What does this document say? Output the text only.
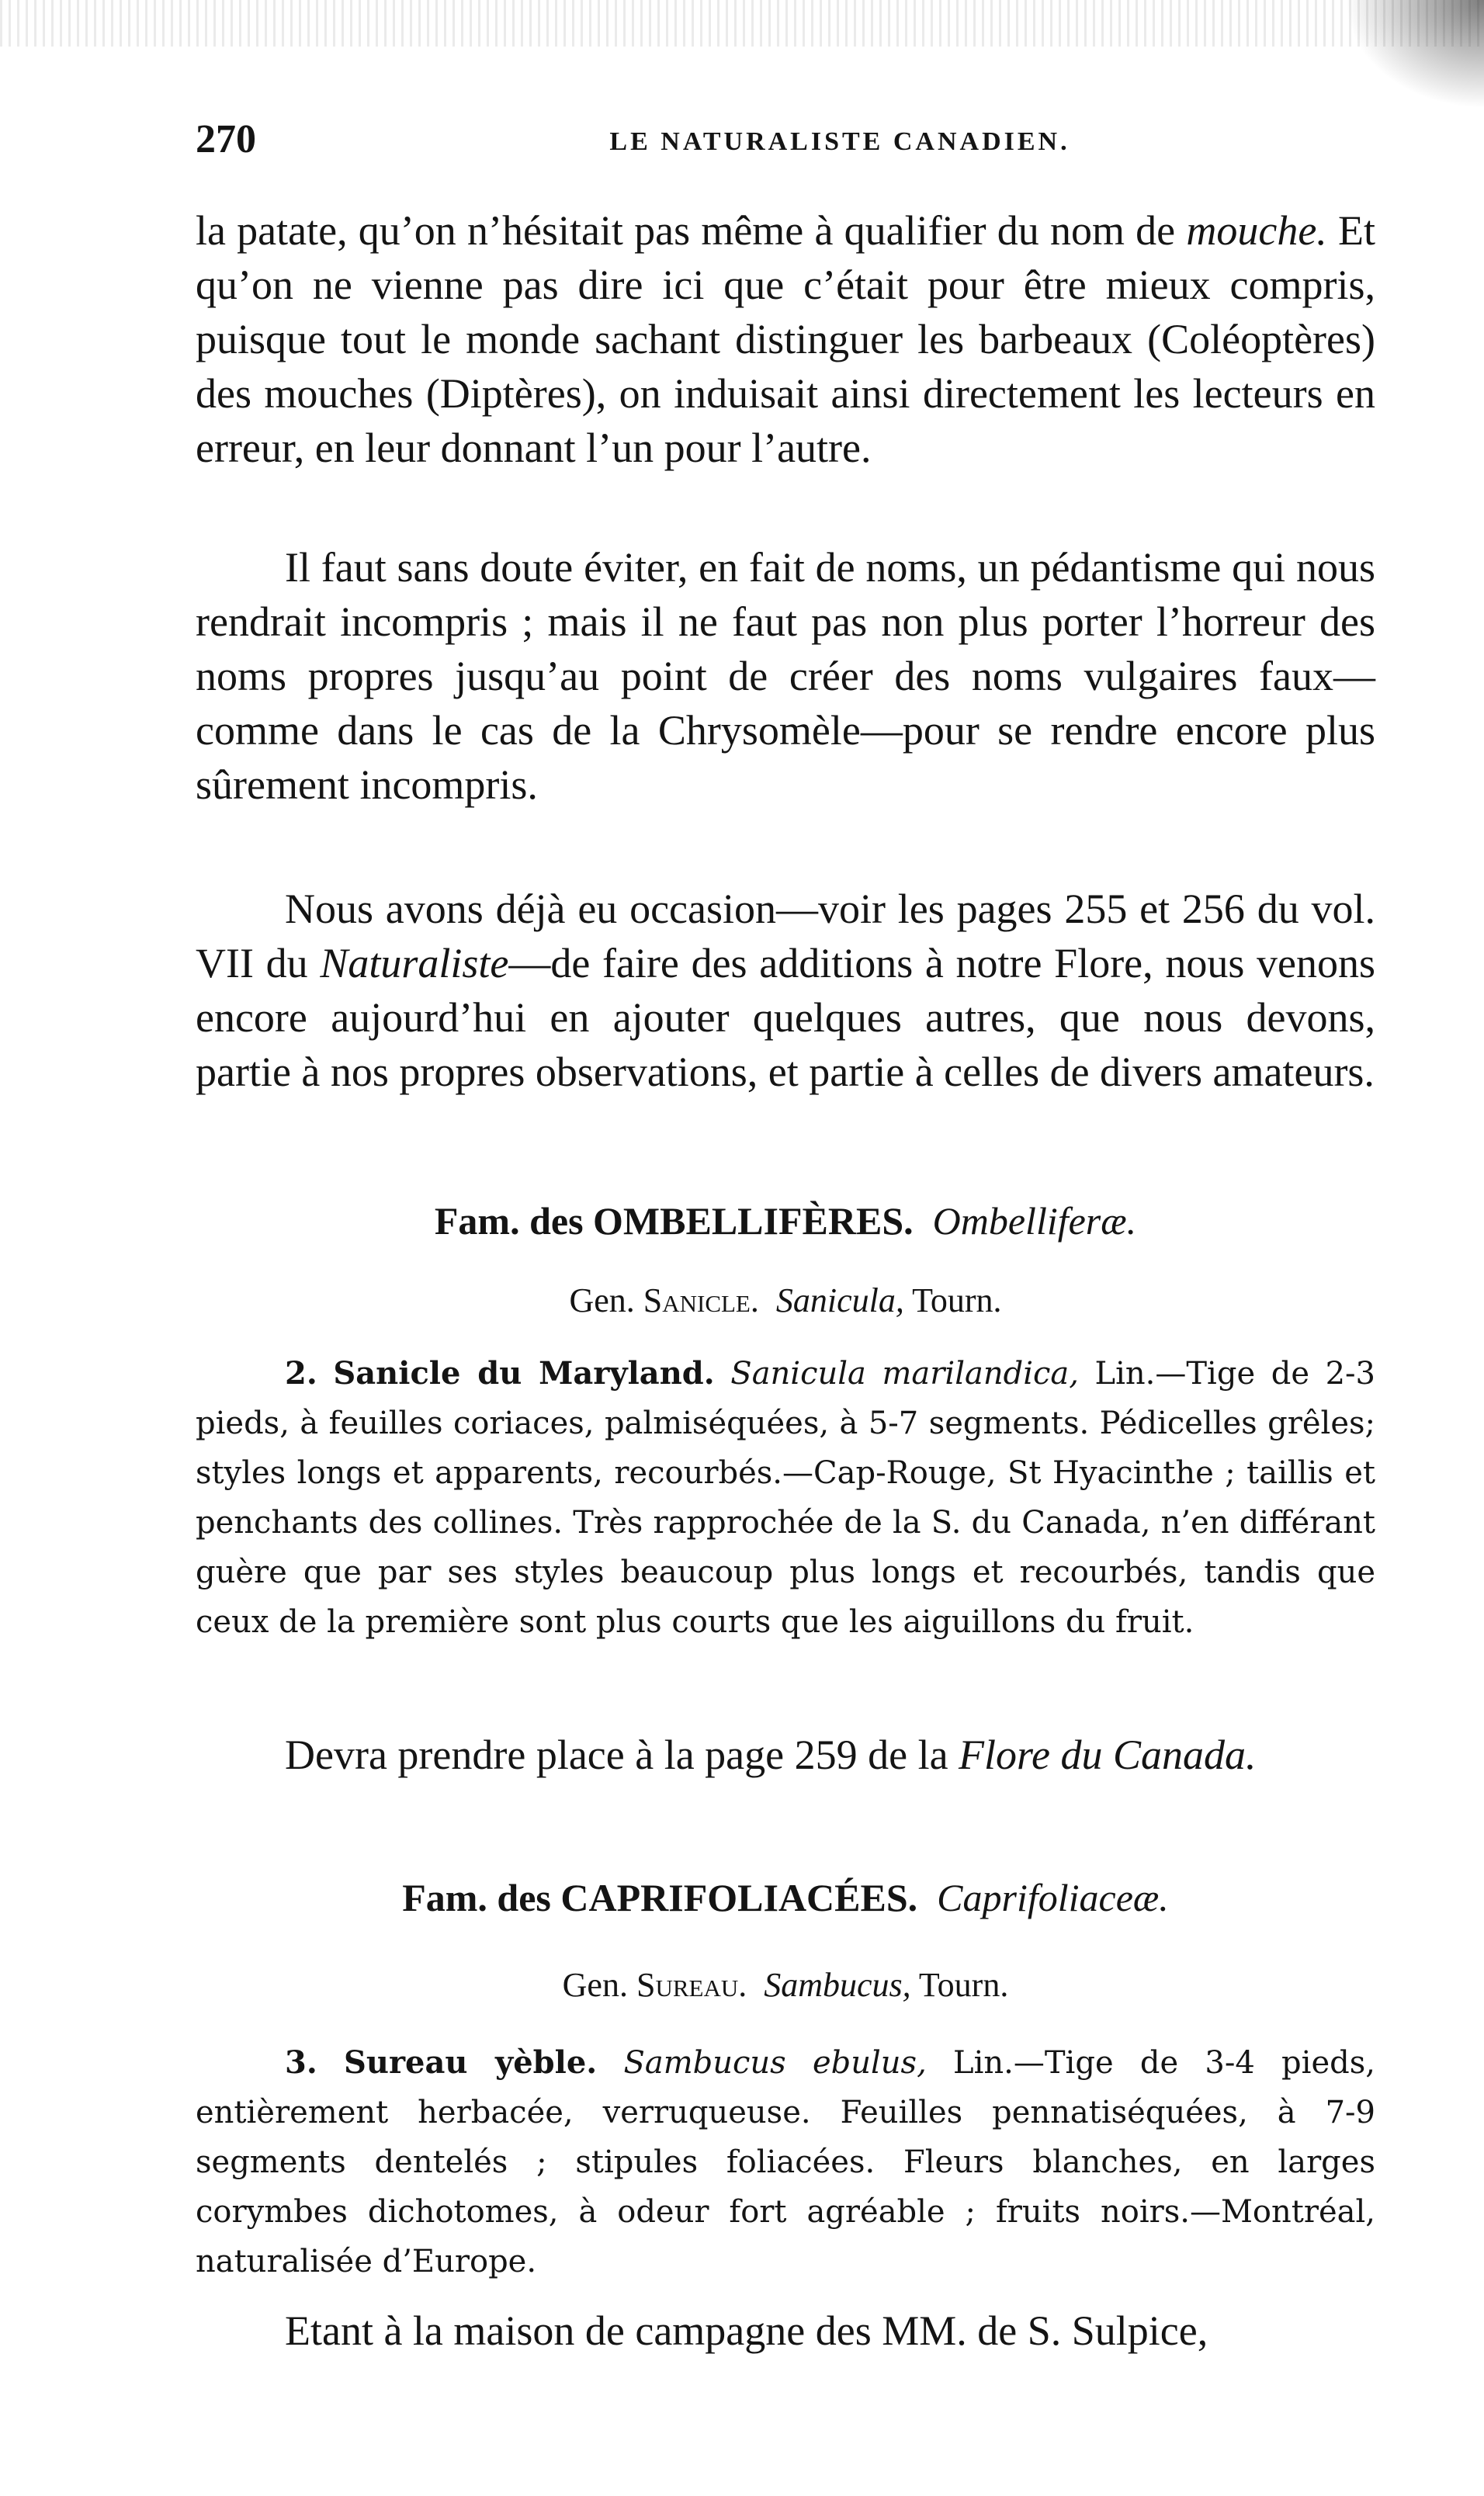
270	LE NATURALISTE CANADIEN.

la patate, qu’on n’hésitait pas même à qualifier du nom de mouche. Et qu’on ne vienne pas dire ici que c’était pour être mieux compris, puisque tout le monde sachant distinguer les barbeaux (Coléoptères) des mouches (Diptères), on induisait ainsi directement les lecteurs en erreur, en leur donnant l’un pour l’autre.

Il faut sans doute éviter, en fait de noms, un pédantisme qui nous rendrait incompris ; mais il ne faut pas non plus porter l’horreur des noms propres jusqu’au point de créer des noms vulgaires faux—comme dans le cas de la Chrysomèle—pour se rendre encore plus sûrement incompris.

Nous avons déjà eu occasion—voir les pages 255 et 256 du vol. VII du Naturaliste—de faire des additions à notre Flore, nous venons encore aujourd’hui en ajouter quelques autres, que nous devons, partie à nos propres observations, et partie à celles de divers amateurs.

Fam. des OMBELLIFÈRES. Ombelliferæ.

Gen. Sanicle. Sanicula, Tourn.

2. Sanicle du Maryland. Sanicula marilandica, Lin.—Tige de 2-3 pieds, à feuilles coriaces, palmiséquées, à 5-7 segments. Pédicelles grêles; styles longs et apparents, recourbés.—Cap-Rouge, St Hyacinthe ; taillis et penchants des collines. Très rapprochée de la S. du Canada, n’en différant guère que par ses styles beaucoup plus longs et recourbés, tandis que ceux de la première sont plus courts que les aiguillons du fruit.

Devra prendre place à la page 259 de la Flore du Canada.

Fam. des CAPRIFOLIACÉES. Caprifoliaceæ.

Gen. Sureau. Sambucus, Tourn.

3. Sureau yèble. Sambucus ebulus, Lin.—Tige de 3-4 pieds, entièrement herbacée, verruqueuse. Feuilles pennatiséquées, à 7-9 segments dentelés ; stipules foliacées. Fleurs blanches, en larges corymbes dichotomes, à odeur fort agréable ; fruits noirs.—Montréal, naturalisée d’Europe.

Etant à la maison de campagne des MM. de S. Sulpice,
